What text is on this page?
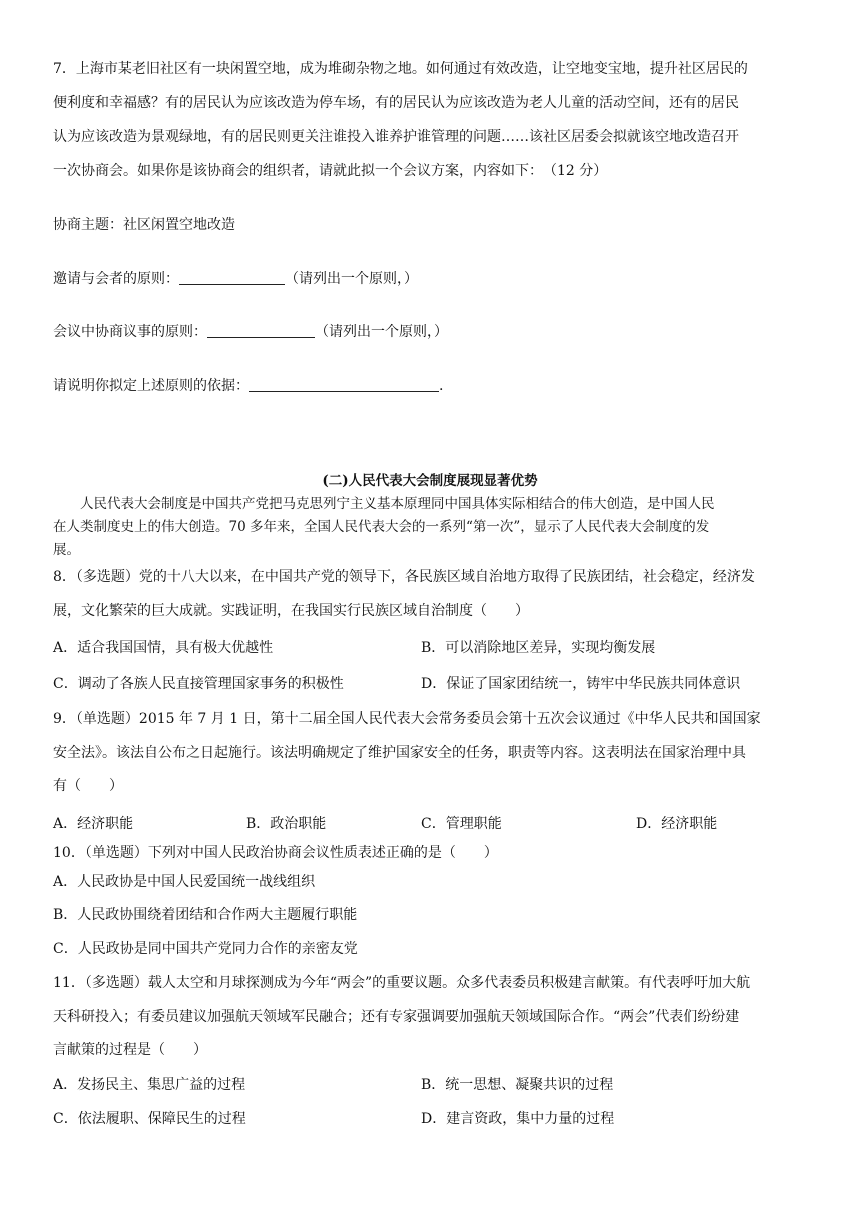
7．上海市某老旧社区有一块闲置空地，成为堆砌杂物之地。如何通过有效改造，让空地变宝地，提升社区居民的
便利度和幸福感？有的居民认为应该改造为停车场，有的居民认为应该改造为老人儿童的活动空间，还有的居民
认为应该改造为景观绿地，有的居民则更关注谁投入谁养护谁管理的问题……该社区居委会拟就该空地改造召开
一次协商会。如果你是该协商会的组织者，请就此拟一个会议方案，内容如下：　（12 分）
协商主题：社区闲置空地改造
邀请与会者的原则：	（请列出一个原则，）
会议中协商议事的原则：	（请列出一个原则，）
请说明你拟定上述原则的依据：	.
(二)人民代表大会制度展现显著优势
　　人民代表大会制度是中国共产党把马克思列宁主义基本原理同中国具体实际相结合的伟大创造，是中国人民
在人类制度史上的伟大创造。70 多年来，全国人民代表大会的一系列“第一次”，显示了人民代表大会制度的发
展。
8．（多选题）党的十八大以来，在中国共产党的领导下，各民族区域自治地方取得了民族团结，社会稳定，经济发
展，文化繁荣的巨大成就。实践证明，在我国实行民族区域自治制度（　　）
A．适合我国国情，具有极大优越性	B．可以消除地区差异，实现均衡发展
C．调动了各族人民直接管理国家事务的积极性	D．保证了国家团结统一，铸牢中华民族共同体意识
9．（单选题）2015 年 7 月 1 日，第十二届全国人民代表大会常务委员会第十五次会议通过《中华人民共和国国家
安全法》。该法自公布之日起施行。该法明确规定了维护国家安全的任务，职责等内容。这表明法在国家治理中具
有（　　）
A．经济职能	B．政治职能	C．管理职能	D．经济职能
10．（单选题）下列对中国人民政治协商会议性质表述正确的是（　　）
A．人民政协是中国人民爱国统一战线组织
B．人民政协围绕着团结和合作两大主题履行职能
C．人民政协是同中国共产党同力合作的亲密友党
11．（多选题）载人太空和月球探测成为今年“两会”的重要议题。众多代表委员积极建言献策。有代表呼吁加大航
天科研投入；有委员建议加强航天领域军民融合；还有专家强调要加强航天领域国际合作。“两会”代表们纷纷建
言献策的过程是（　　）
A．发扬民主、集思广益的过程	B．统一思想、凝聚共识的过程
C．依法履职、保障民生的过程	D．建言资政，集中力量的过程
